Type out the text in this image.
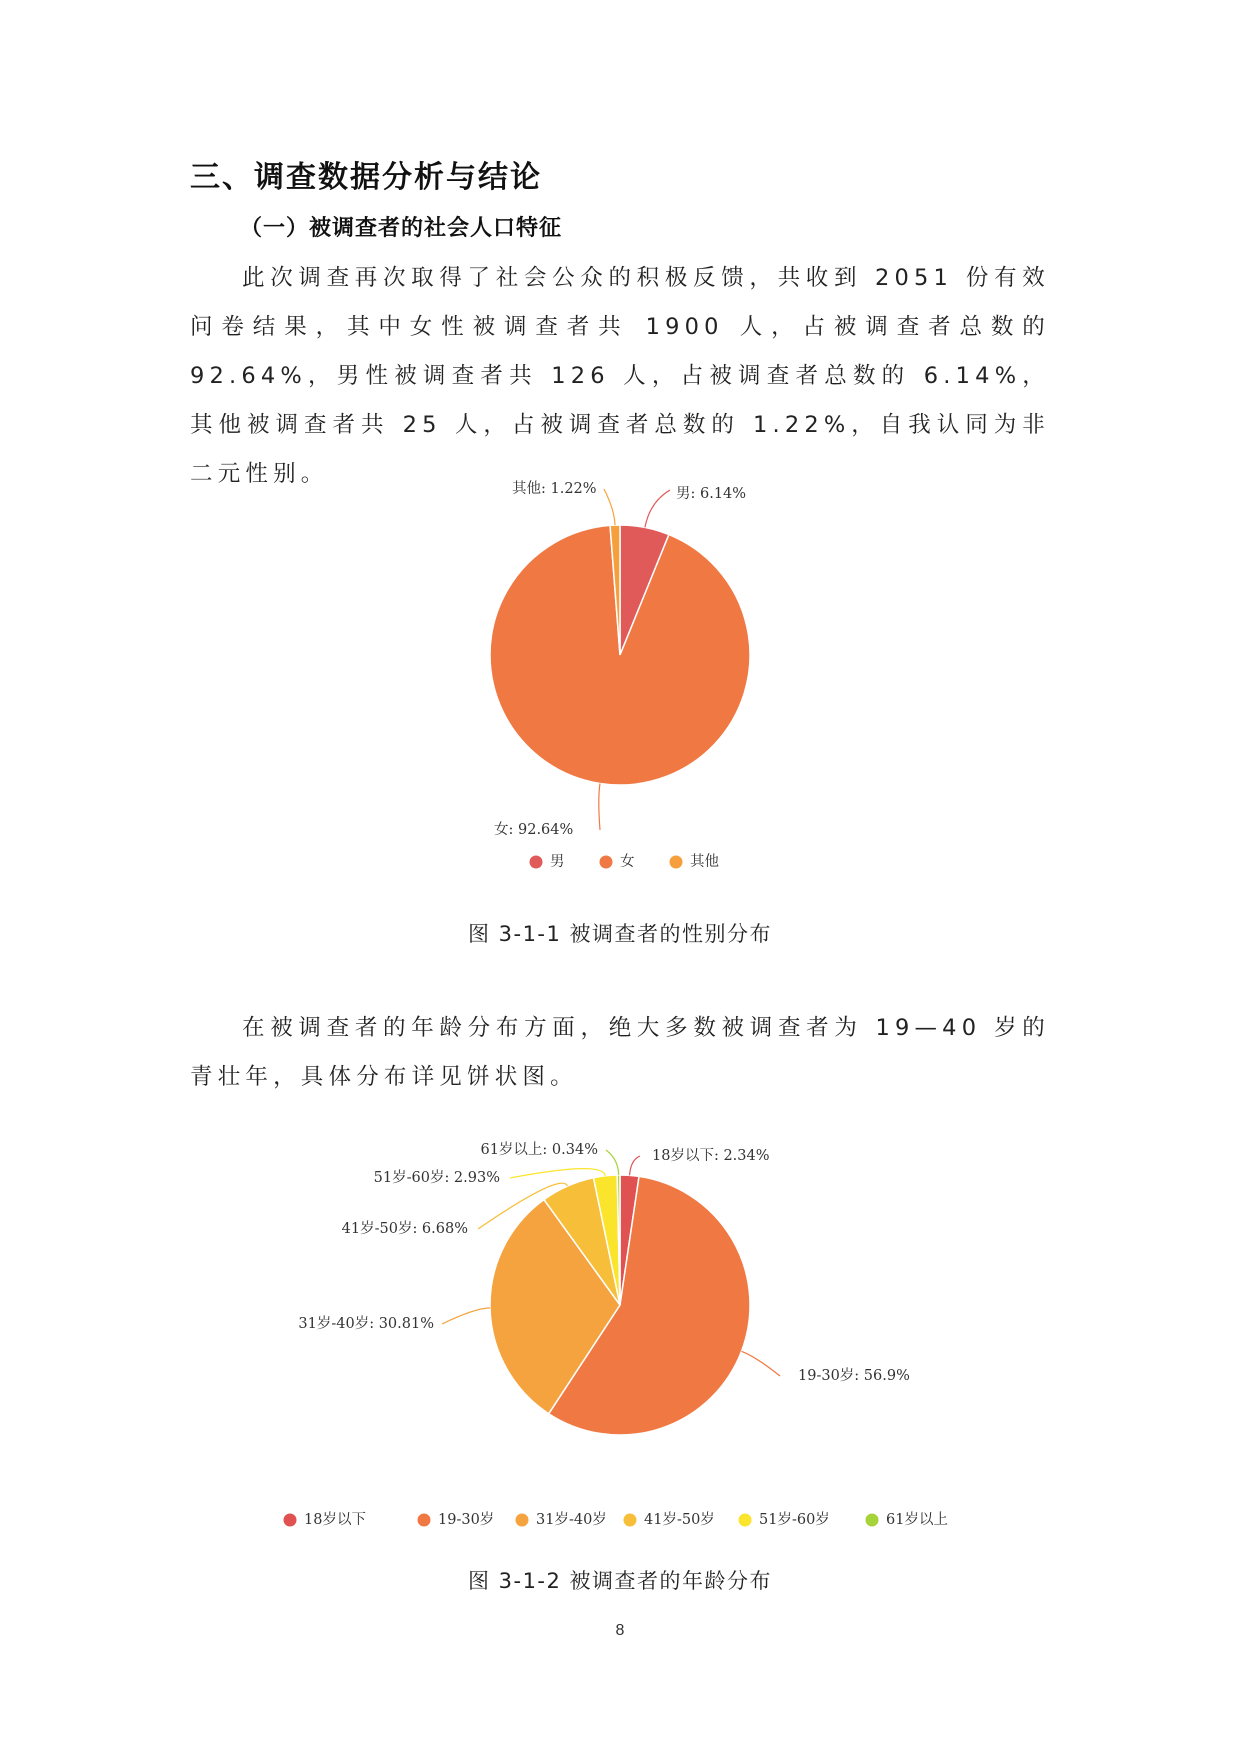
三、调查数据分析与结论
（一）被调查者的社会人口特征

此次调查再次取得了社会公众的积极反馈，共收到 2051 份有效问卷结果，其中女性被调查者共 1900 人，占被调查者总数的 92.64%，男性被调查者共 126 人，占被调查者总数的 6.14%，其他被调查者共 25 人，占被调查者总数的 1.22%，自我认同为非二元性别。

男: 6.14%
女: 92.64%
其他: 1.22%
男	女	其他
图 3-1-1 被调查者的性别分布

在被调查者的年龄分布方面，绝大多数被调查者为 19—40 岁的青壮年，具体分布详见饼状图。

18岁以下: 2.34%
19-30岁: 56.9%
31岁-40岁: 30.81%
41岁-50岁: 6.68%
51岁-60岁: 2.93%
61岁以上: 0.34%
18岁以下	19-30岁	31岁-40岁	41岁-50岁	51岁-60岁	61岁以上
图 3-1-2 被调查者的年龄分布
8
